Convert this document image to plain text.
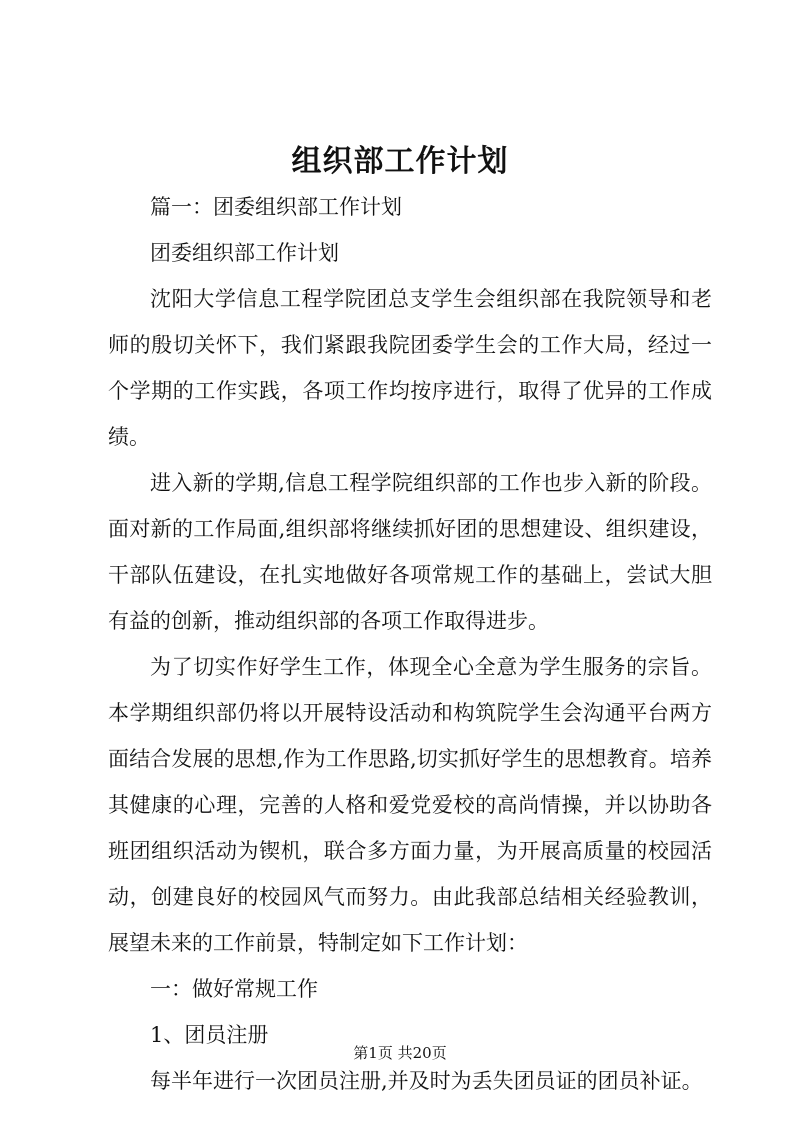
组织部工作计划

篇一：团委组织部工作计划

团委组织部工作计划

沈阳大学信息工程学院团总支学生会组织部在我院领导和老师的殷切关怀下，我们紧跟我院团委学生会的工作大局，经过一个学期的工作实践，各项工作均按序进行，取得了优异的工作成绩。

进入新的学期,信息工程学院组织部的工作也步入新的阶段。面对新的工作局面,组织部将继续抓好团的思想建设、组织建设，干部队伍建设，在扎实地做好各项常规工作的基础上，尝试大胆有益的创新，推动组织部的各项工作取得进步。

为了切实作好学生工作，体现全心全意为学生服务的宗旨。本学期组织部仍将以开展特设活动和构筑院学生会沟通平台两方面结合发展的思想,作为工作思路,切实抓好学生的思想教育。培养其健康的心理，完善的人格和爱党爱校的高尚情操，并以协助各班团组织活动为锲机，联合多方面力量，为开展高质量的校园活动，创建良好的校园风气而努力。由此我部总结相关经验教训，展望未来的工作前景，特制定如下工作计划：

一：做好常规工作

1、团员注册

每半年进行一次团员注册,并及时为丢失团员证的团员补证。

第1页 共20页
